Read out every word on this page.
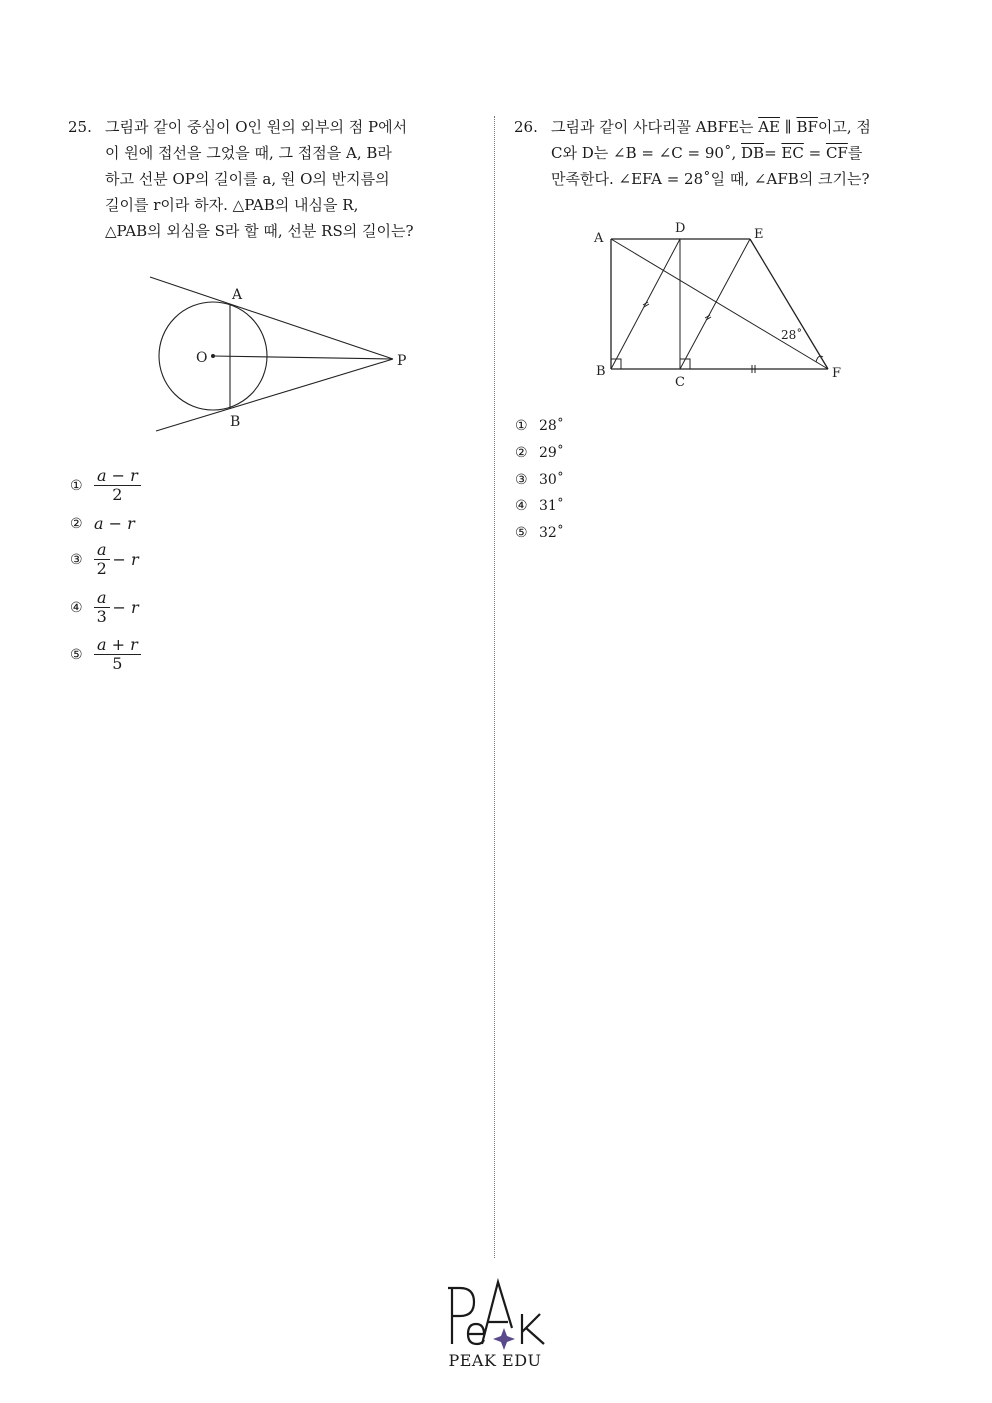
25. 그림과 같이 중심이 O인 원의 외부의 점 P에서
이 원에 접선을 그었을 때, 그 접점을 A, B라
하고 선분 OP의 길이를 a, 원 O의 반지름의
길이를 r이라 하자. △PAB의 내심을 R,
△PAB의 외심을 S라 할 때, 선분 RS의 길이는?
A
O	P
B
① $\frac{a - r}{2}$
② a − r
③ $\frac{a}{2} - r$
④ $\frac{a}{3} - r$
⑤ $\frac{a + r}{5}$
26. 그림과 같이 사다리꼴 ABFE는 $\overline{AE}$ ∥ $\overline{BF}$이고, 점
C와 D는 ∠B = ∠C = 90˚, $\overline{DB}= \overline{EC} = \overline{CF}$를
만족한다. ∠EFA = 28˚일 때, ∠AFB의 크기는?
A
D	E
B
C
F
28˚
① 28˚
② 29˚
③ 30˚
④ 31˚
⑤ 32˚
PEAK EDU
